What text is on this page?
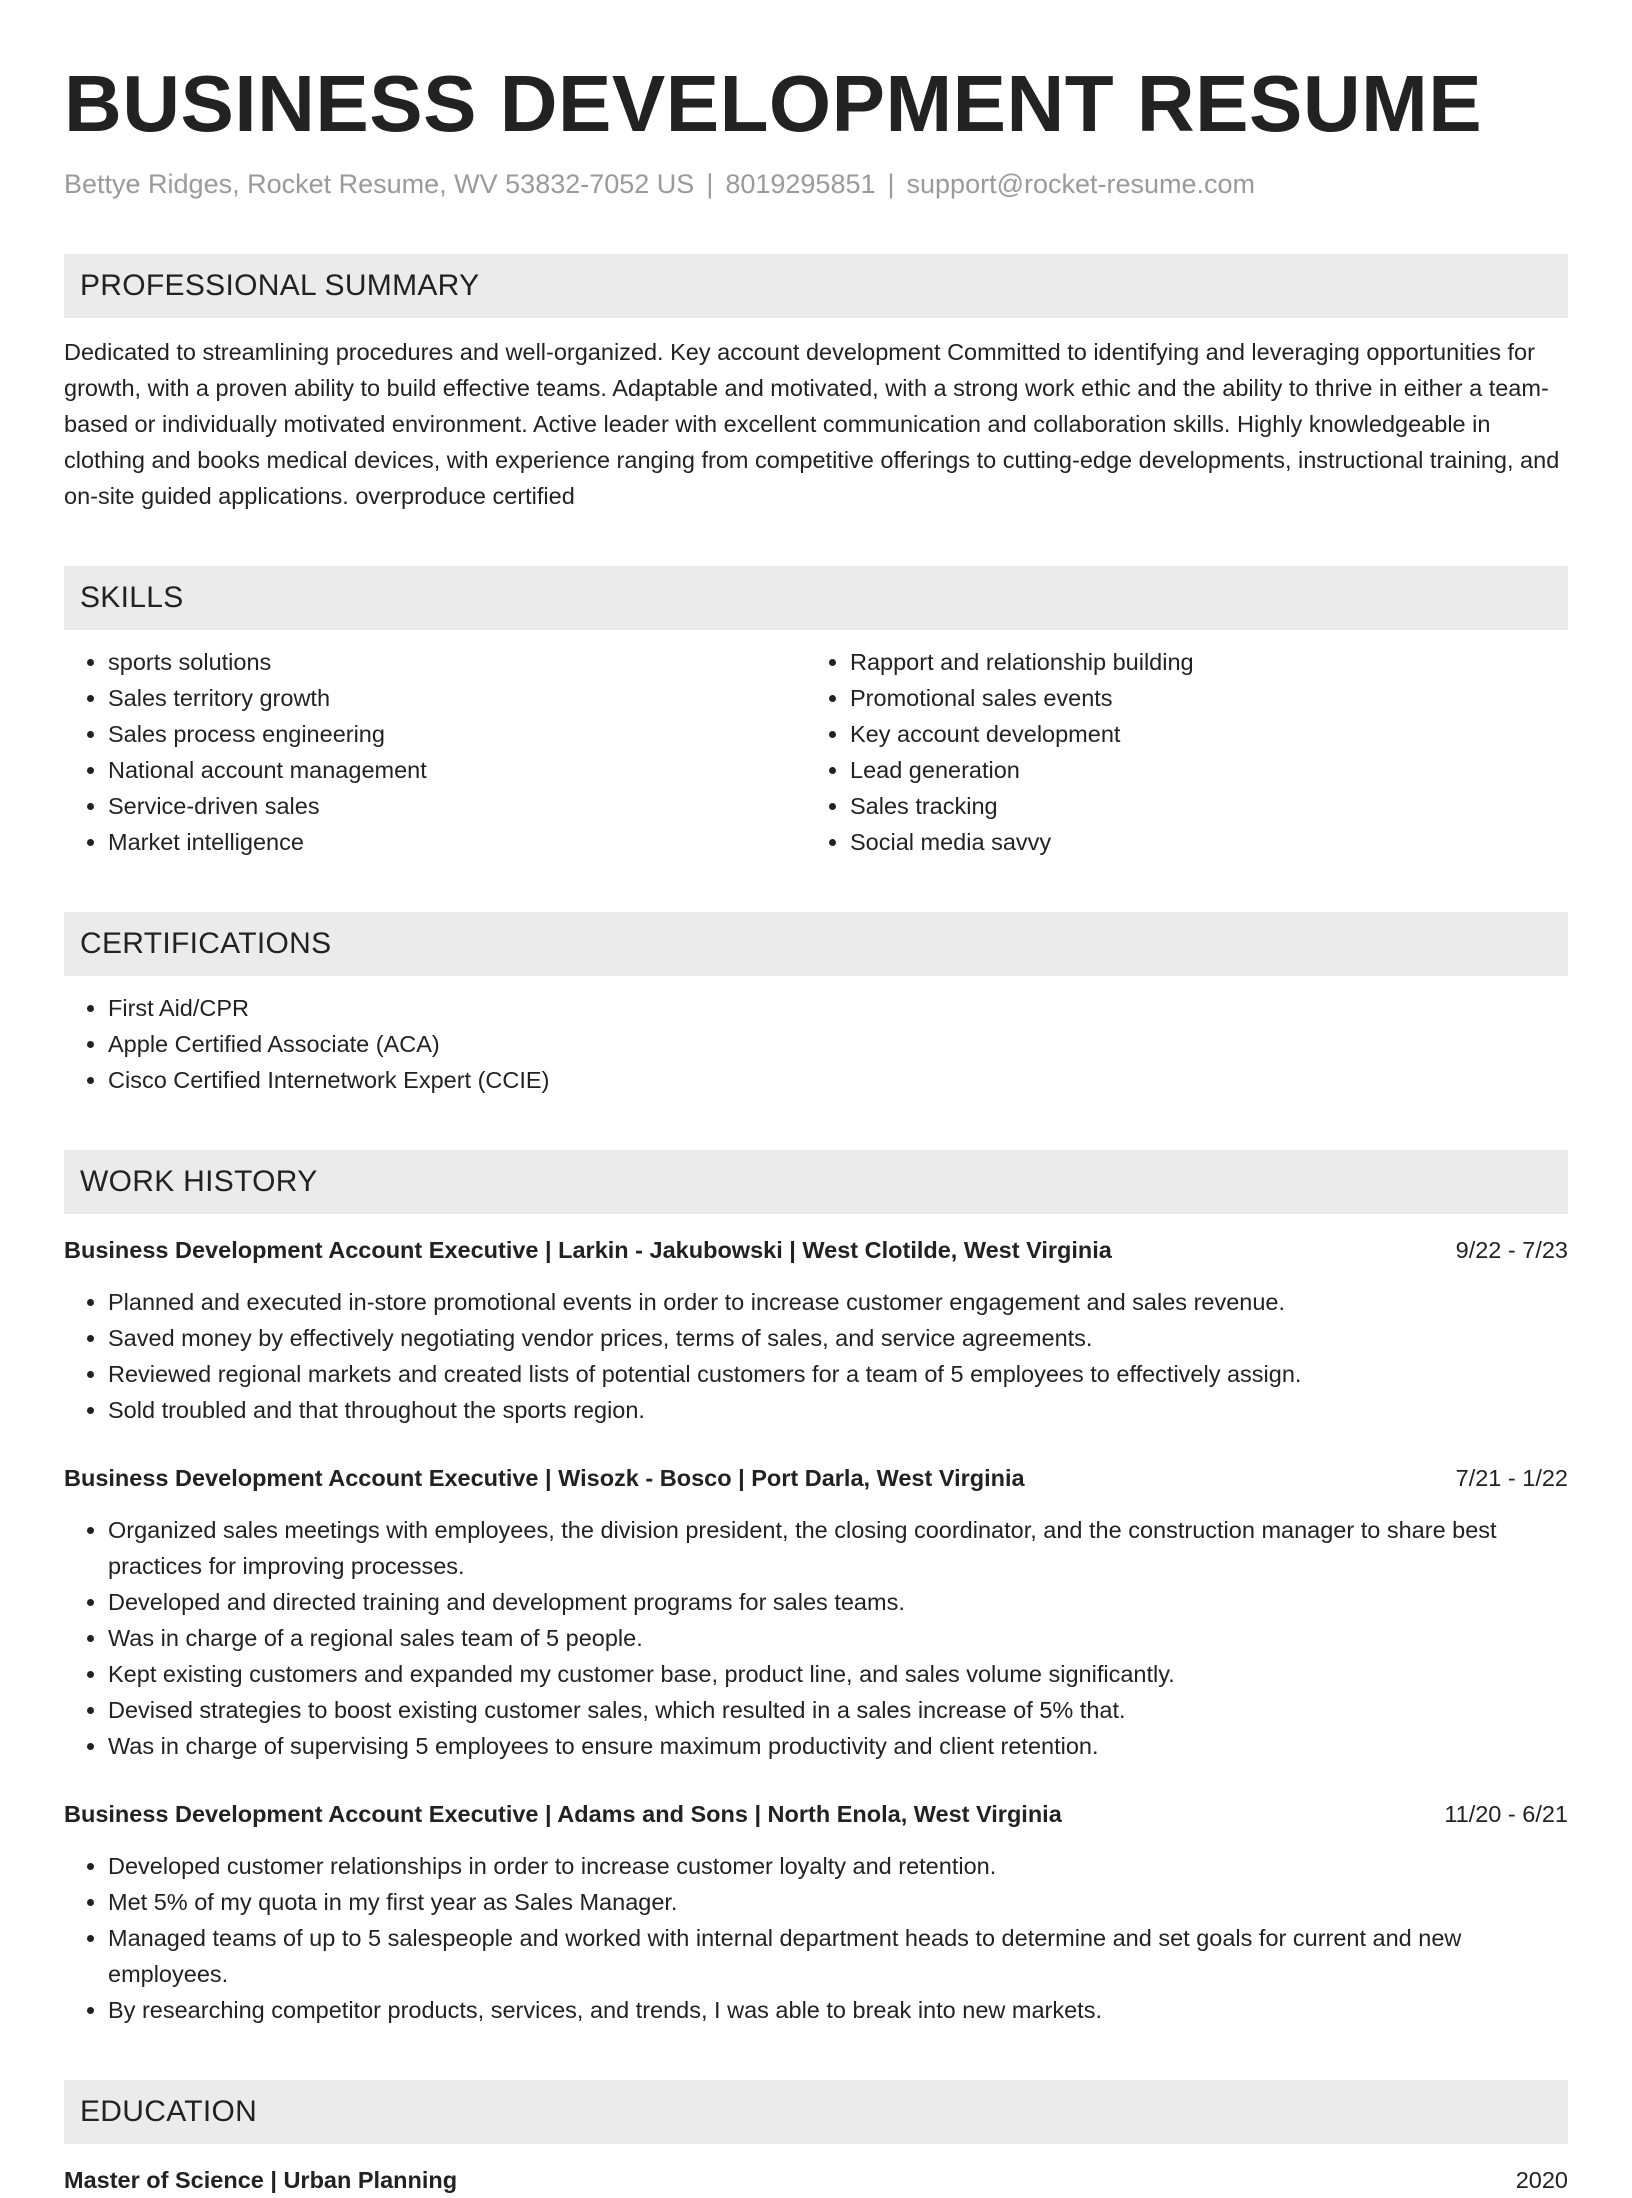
BUSINESS DEVELOPMENT RESUME
Bettye Ridges, Rocket Resume, WV 53832-7052 US | 8019295851 | support@rocket-resume.com
PROFESSIONAL SUMMARY
Dedicated to streamlining procedures and well-organized. Key account development Committed to identifying and leveraging opportunities for growth, with a proven ability to build effective teams. Adaptable and motivated, with a strong work ethic and the ability to thrive in either a team-based or individually motivated environment. Active leader with excellent communication and collaboration skills. Highly knowledgeable in clothing and books medical devices, with experience ranging from competitive offerings to cutting-edge developments, instructional training, and on-site guided applications. overproduce certified
SKILLS
• sports solutions
• Sales territory growth
• Sales process engineering
• National account management
• Service-driven sales
• Market intelligence
• Rapport and relationship building
• Promotional sales events
• Key account development
• Lead generation
• Sales tracking
• Social media savvy
CERTIFICATIONS
• First Aid/CPR
• Apple Certified Associate (ACA)
• Cisco Certified Internetwork Expert (CCIE)
WORK HISTORY
Business Development Account Executive | Larkin - Jakubowski | West Clotilde, West Virginia	9/22 - 7/23
• Planned and executed in-store promotional events in order to increase customer engagement and sales revenue.
• Saved money by effectively negotiating vendor prices, terms of sales, and service agreements.
• Reviewed regional markets and created lists of potential customers for a team of 5 employees to effectively assign.
• Sold troubled and that throughout the sports region.
Business Development Account Executive | Wisozk - Bosco | Port Darla, West Virginia	7/21 - 1/22
• Organized sales meetings with employees, the division president, the closing coordinator, and the construction manager to share best practices for improving processes.
• Developed and directed training and development programs for sales teams.
• Was in charge of a regional sales team of 5 people.
• Kept existing customers and expanded my customer base, product line, and sales volume significantly.
• Devised strategies to boost existing customer sales, which resulted in a sales increase of 5% that.
• Was in charge of supervising 5 employees to ensure maximum productivity and client retention.
Business Development Account Executive | Adams and Sons | North Enola, West Virginia	11/20 - 6/21
• Developed customer relationships in order to increase customer loyalty and retention.
• Met 5% of my quota in my first year as Sales Manager.
• Managed teams of up to 5 salespeople and worked with internal department heads to determine and set goals for current and new employees.
• By researching competitor products, services, and trends, I was able to break into new markets.
EDUCATION
Master of Science | Urban Planning	2020
